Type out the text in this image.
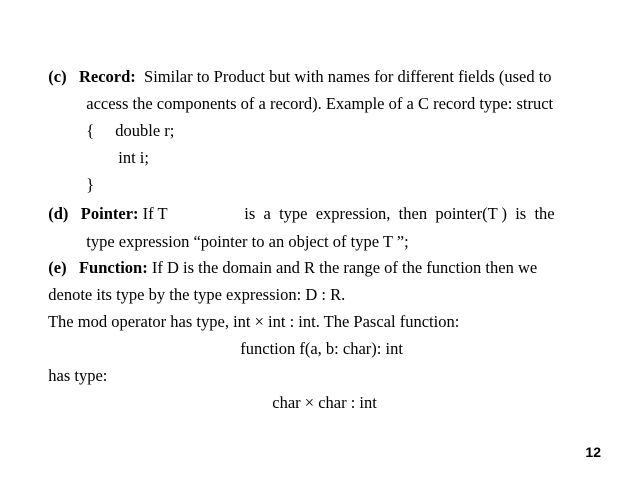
(c) Record: Similar to Product but with names for different fields (used to

access the components of a record). Example of a C record type: struct

{	double r;

int i;

}

(d) Pointer: If T	is  a  type  expression,  then  pointer(T )  is  the

type expression “pointer to an object of type T ”;

(e) Function: If D is the domain and R the range of the function then we

denote its type by the type expression: D : R.

The mod operator has type, int × int : int. The Pascal function:

function f(a, b: char): int

has type:

char × char : int

12
